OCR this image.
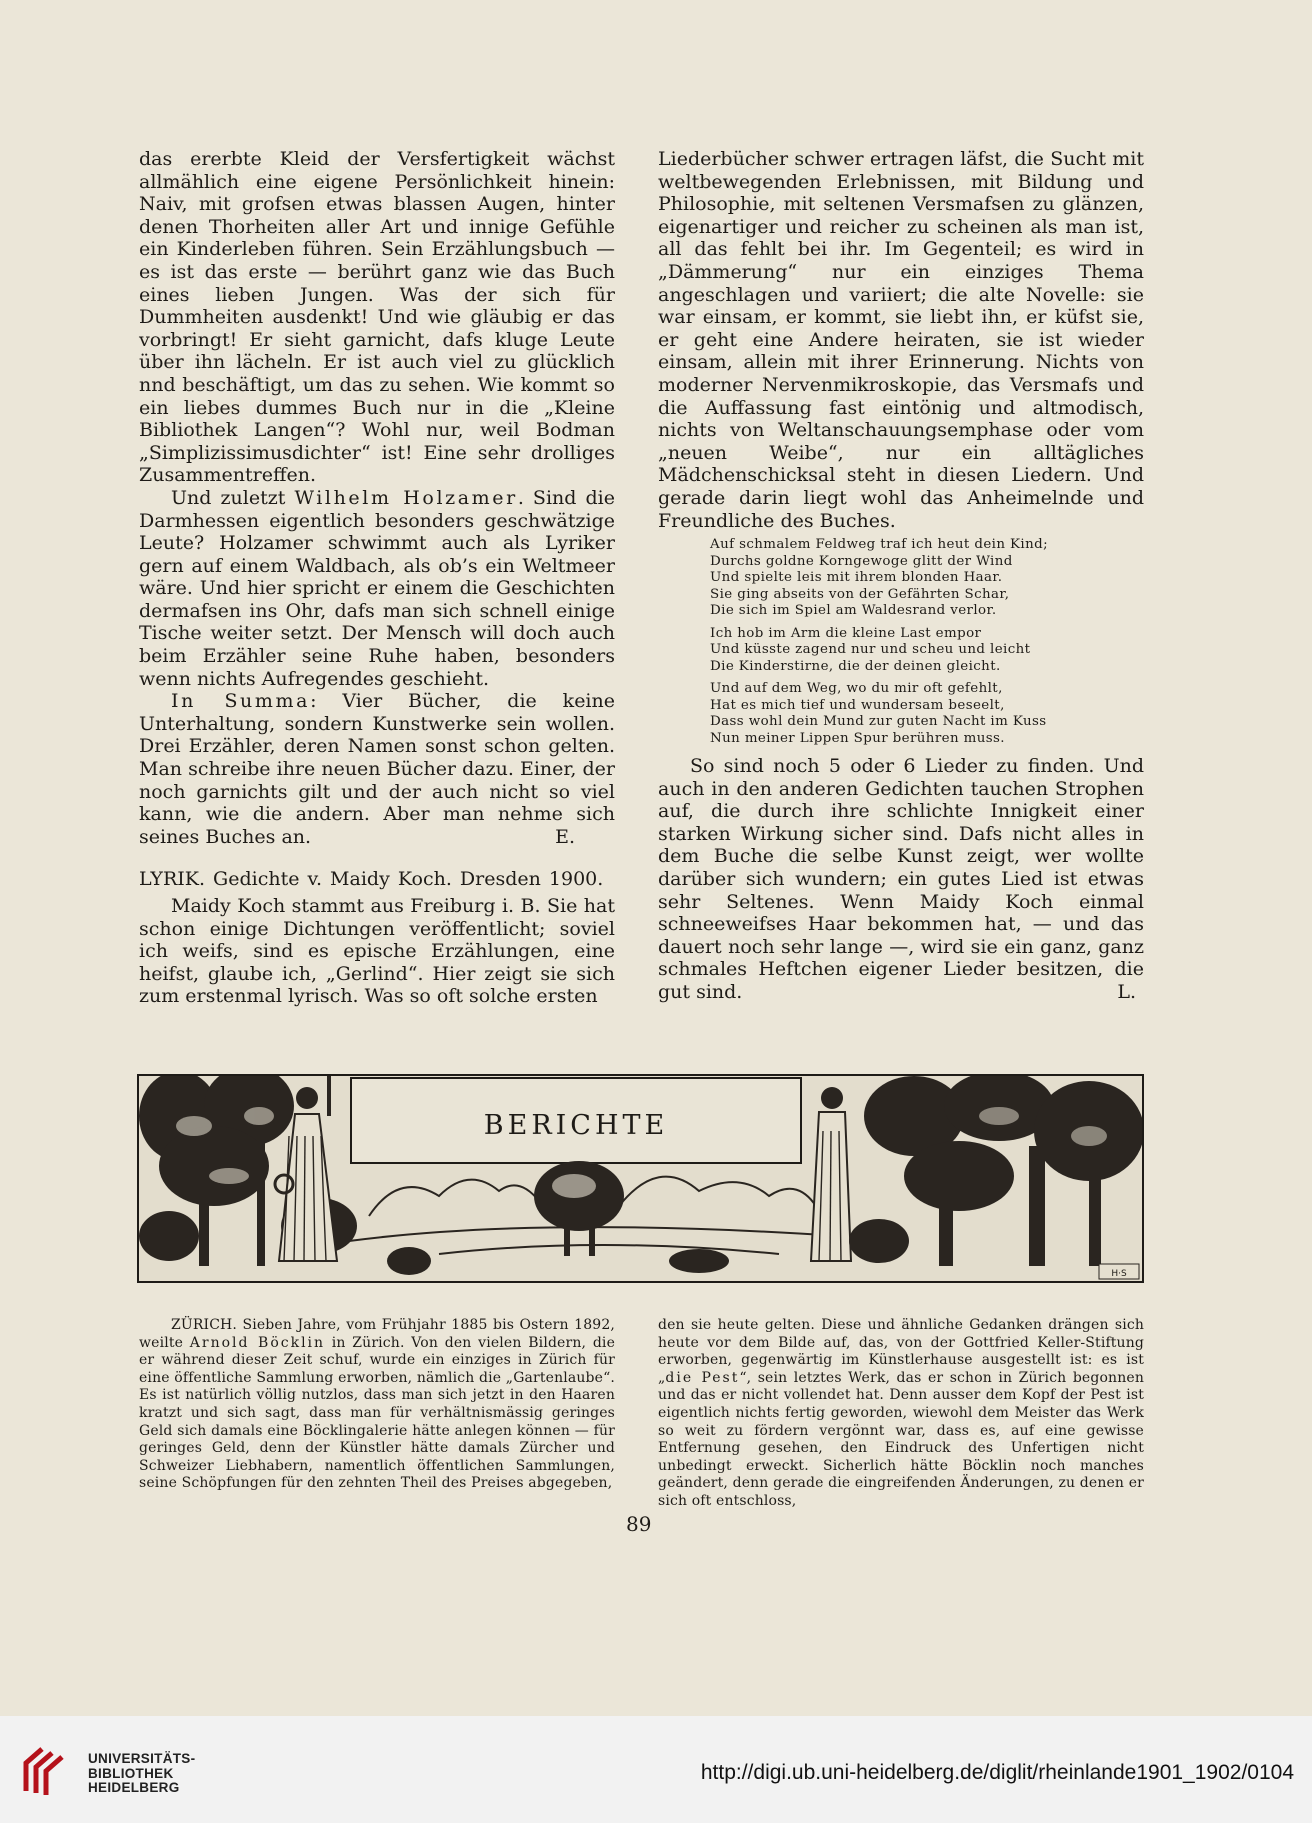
das ererbte Kleid der Versfertigkeit wächst allmählich eine eigene Persönlichkeit hinein: Naiv, mit grofsen etwas blassen Augen, hinter denen Thorheiten aller Art und innige Gefühle ein Kinderleben führen. Sein Erzählungsbuch — es ist das erste — berührt ganz wie das Buch eines lieben Jungen. Was der sich für Dummheiten ausdenkt! Und wie gläubig er das vorbringt! Er sieht garnicht, dafs kluge Leute über ihn lächeln. Er ist auch viel zu glücklich nnd beschäftigt, um das zu sehen. Wie kommt so ein liebes dummes Buch nur in die „Kleine Bibliothek Langen“? Wohl nur, weil Bodman „Simplizissimusdichter“ ist! Eine sehr drolliges Zusammentreffen.

Und zuletzt Wilhelm Holzamer. Sind die Darmhessen eigentlich besonders geschwätzige Leute? Holzamer schwimmt auch als Lyriker gern auf einem Waldbach, als ob’s ein Weltmeer wäre. Und hier spricht er einem die Geschichten dermafsen ins Ohr, dafs man sich schnell einige Tische weiter setzt. Der Mensch will doch auch beim Erzähler seine Ruhe haben, besonders wenn nichts Aufregendes geschieht.

In Summa: Vier Bücher, die keine Unterhaltung, sondern Kunstwerke sein wollen. Drei Erzähler, deren Namen sonst schon gelten. Man schreibe ihre neuen Bücher dazu. Einer, der noch garnichts gilt und der auch nicht so viel kann, wie die andern. Aber man nehme sich seines Buches an.	E.

LYRIK. Gedichte v. Maidy Koch. Dresden 1900.

Maidy Koch stammt aus Freiburg i. B. Sie hat schon einige Dichtungen veröffentlicht; soviel ich weifs, sind es epische Erzählungen, eine heifst, glaube ich, „Gerlind“. Hier zeigt sie sich zum erstenmal lyrisch. Was so oft solche ersten

Liederbücher schwer ertragen läfst, die Sucht mit weltbewegenden Erlebnissen, mit Bildung und Philosophie, mit seltenen Versmafsen zu glänzen, eigenartiger und reicher zu scheinen als man ist, all das fehlt bei ihr. Im Gegenteil; es wird in „Dämmerung“ nur ein einziges Thema angeschlagen und variiert; die alte Novelle: sie war einsam, er kommt, sie liebt ihn, er küfst sie, er geht eine Andere heiraten, sie ist wieder einsam, allein mit ihrer Erinnerung. Nichts von moderner Nervenmikroskopie, das Versmafs und die Auffassung fast eintönig und altmodisch, nichts von Weltanschauungsemphase oder vom „neuen Weibe“, nur ein alltägliches Mädchenschicksal steht in diesen Liedern. Und gerade darin liegt wohl das Anheimelnde und Freundliche des Buches.

Auf schmalem Feldweg traf ich heut dein Kind;
Durchs goldne Korngewoge glitt der Wind
Und spielte leis mit ihrem blonden Haar.
Sie ging abseits von der Gefährten Schar,
Die sich im Spiel am Waldesrand verlor.
Ich hob im Arm die kleine Last empor
Und küsste zagend nur und scheu und leicht
Die Kinderstirne, die der deinen gleicht.
Und auf dem Weg, wo du mir oft gefehlt,
Hat es mich tief und wundersam beseelt,
Dass wohl dein Mund zur guten Nacht im Kuss
Nun meiner Lippen Spur berühren muss.

So sind noch 5 oder 6 Lieder zu finden. Und auch in den anderen Gedichten tauchen Strophen auf, die durch ihre schlichte Innigkeit einer starken Wirkung sicher sind. Dafs nicht alles in dem Buche die selbe Kunst zeigt, wer wollte darüber sich wundern; ein gutes Lied ist etwas sehr Seltenes. Wenn Maidy Koch einmal schneeweifses Haar bekommen hat, — und das dauert noch sehr lange —, wird sie ein ganz, ganz schmales Heftchen eigener Lieder besitzen, die gut sind.	L.

BERICHTE
H·S

ZÜRICH. Sieben Jahre, vom Frühjahr 1885 bis Ostern 1892, weilte Arnold Böcklin in Zürich. Von den vielen Bildern, die er während dieser Zeit schuf, wurde ein einziges in Zürich für eine öffentliche Sammlung erworben, nämlich die „Gartenlaube“. Es ist natürlich völlig nutzlos, dass man sich jetzt in den Haaren kratzt und sich sagt, dass man für verhältnismässig geringes Geld sich damals eine Böcklingalerie hätte anlegen können — für geringes Geld, denn der Künstler hätte damals Zürcher und Schweizer Liebhabern, namentlich öffentlichen Sammlungen, seine Schöpfungen für den zehnten Theil des Preises abgegeben,

den sie heute gelten. Diese und ähnliche Gedanken drängen sich heute vor dem Bilde auf, das, von der Gottfried Keller-Stiftung erworben, gegenwärtig im Künstlerhause ausgestellt ist: es ist „die Pest“, sein letztes Werk, das er schon in Zürich begonnen und das er nicht vollendet hat. Denn ausser dem Kopf der Pest ist eigentlich nichts fertig geworden, wiewohl dem Meister das Werk so weit zu fördern vergönnt war, dass es, auf eine gewisse Entfernung gesehen, den Eindruck des Unfertigen nicht unbedingt erweckt. Sicherlich hätte Böcklin noch manches geändert, denn gerade die eingreifenden Änderungen, zu denen er sich oft entschloss,

89
UNIVERSITÄTS-
BIBLIOTHEK
HEIDELBERG
http://digi.ub.uni-heidelberg.de/diglit/rheinlande1901_1902/0104
